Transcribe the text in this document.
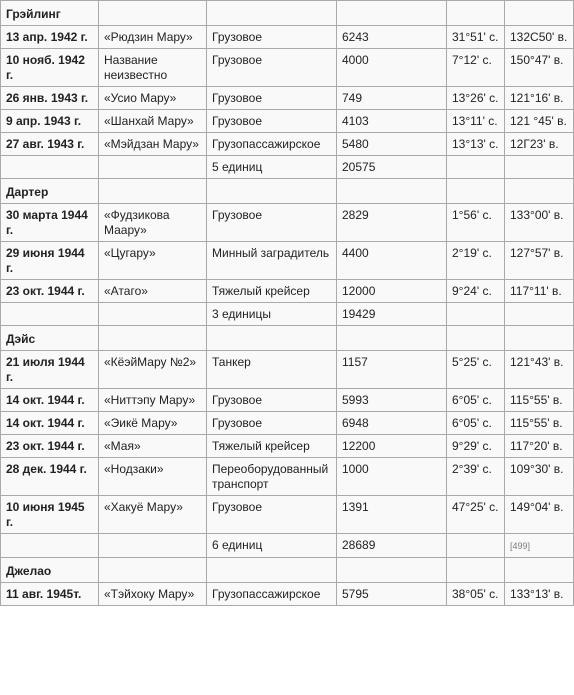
Грэйлинг					
13 апр. 1942 г.	«Рюдзин Мару»	Грузовое	6243	31°51' с.	132С50' в.
10 нояб. 1942 г.	Название неизвестно	Грузовое	4000	7°12' с.	150°47' в.
26 янв. 1943 г.	«Усио Мару»	Грузовое	749	13°26' с.	121°16' в.
9 апр. 1943 г.	«Шанхай Мару»	Грузовое	4103	13°11' с.	121 °45' в.
27 авг. 1943 г.	«Мэйдзан Мару»	Грузопассажирское	5480	13°13' с.	12Г23' в.
		5 единиц	20575		
Дартер					
30 марта 1944 г.	«Фудзикова Маару»	Грузовое	2829	1°56' с.	133°00' в.
29 июня 1944 г.	«Цугару»	Минный заградитель	4400	2°19' с.	127°57' в.
23 окт. 1944 г.	«Атаго»	Тяжелый крейсер	12000	9°24' с.	117°11' в.
		3 единицы	19429		
Дэйс					
21 июля 1944 г.	«КёэйМару №2»	Танкер	1157	5°25' с.	121°43' в.
14 окт. 1944 г.	«Ниттэпу Мару»	Грузовое	5993	6°05' с.	115°55' в.
14 окт. 1944 г.	«Эикё Мару»	Грузовое	6948	6°05' с.	115°55' в.
23 окт. 1944 г.	«Мая»	Тяжелый крейсер	12200	9°29' с.	117°20' в.
28 дек. 1944 г.	«Нодзаки»	Переоборудованный транспорт	1000	2°39' с.	109°30' в.
10 июня 1945 г.	«Хакуё Мару»	Грузовое	1391	47°25' с.	149°04' в.
		6 единиц	28689		[499]
Джелао					
11 авг. 1945т.	«Тэйхоку Мару»	Грузопассажирское	5795	38°05' с.	133°13' в.
